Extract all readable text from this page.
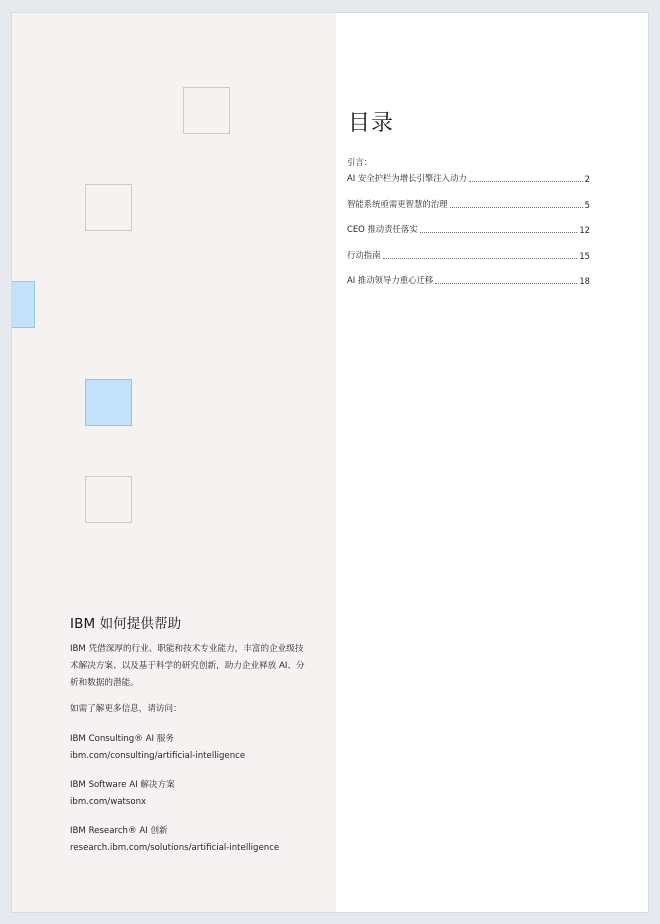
目录
引言：
AI 安全护栏为增长引擎注入动力	2
智能系统亟需更智慧的治理	5
CEO 推动责任落实	12
行动指南	15
AI 推动领导力重心迁移	18
IBM 如何提供帮助

IBM 凭借深厚的行业、职能和技术专业能力，丰富的企业级技术解决方案、以及基于科学的研究创新，助力企业释放 AI、分析和数据的潜能。

如需了解更多信息，请访问：

IBM Consulting® AI 服务
ibm.com/consulting/artificial-intelligence
IBM Software AI 解决方案
ibm.com/watsonx
IBM Research® AI 创新
research.ibm.com/solutions/artificial-intelligence
